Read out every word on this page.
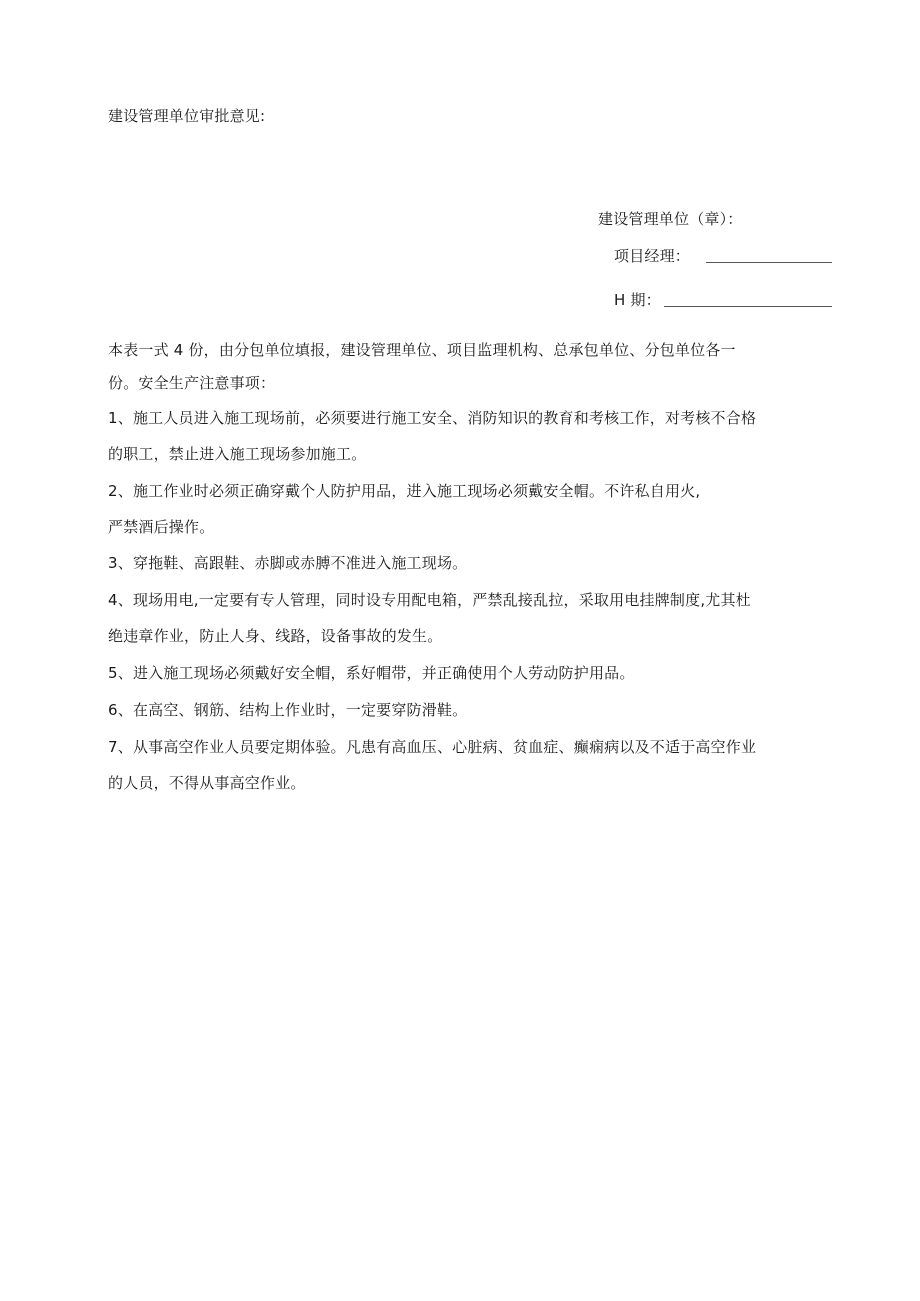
建设管理单位审批意见:
建设管理单位（章）：
项目经理：
H 期：
本表一式 4 份，由分包单位填报，建设管理单位、项目监理机构、总承包单位、分包单位各一
份。安全生产注意事项：
1、施工人员进入施工现场前，必须要进行施工安全、消防知识的教育和考核工作，对考核不合格
的职工，禁止进入施工现场参加施工。
2、施工作业时必须正确穿戴个人防护用品，进入施工现场必须戴安全帽。不许私自用火,
严禁酒后操作。
3、穿拖鞋、高跟鞋、赤脚或赤膊不准进入施工现场。
4、现场用电,一定要有专人管理，同时设专用配电箱，严禁乱接乱拉，采取用电挂牌制度,尤其杜
绝违章作业，防止人身、线路，设备事故的发生。
5、进入施工现场必须戴好安全帽，系好帽带，并正确使用个人劳动防护用品。
6、在高空、钢筋、结构上作业时，一定要穿防滑鞋。
7、从事高空作业人员要定期体验。凡患有高血压、心脏病、贫血症、癫痫病以及不适于高空作业
的人员，不得从事高空作业。
